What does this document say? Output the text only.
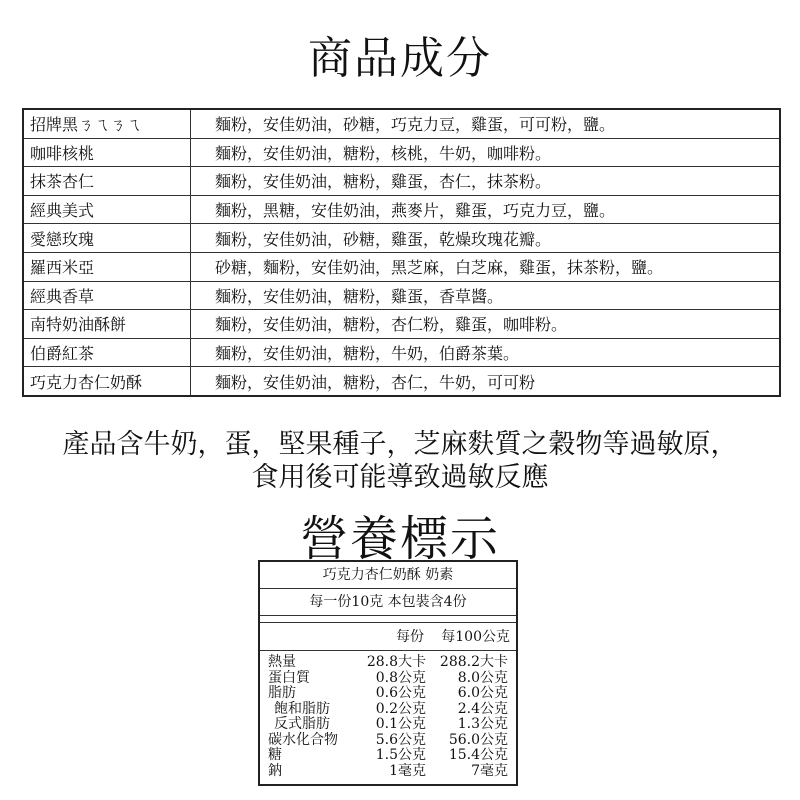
商品成分
招牌黑ㄋㄟㄋㄟ	麵粉，安佳奶油，砂糖，巧克力豆，雞蛋，可可粉，鹽。
咖啡核桃	麵粉，安佳奶油，糖粉，核桃，牛奶，咖啡粉。
抹茶杏仁	麵粉，安佳奶油，糖粉，雞蛋，杏仁，抹茶粉。
經典美式	麵粉，黑糖，安佳奶油，燕麥片，雞蛋，巧克力豆，鹽。
愛戀玫瑰	麵粉，安佳奶油，砂糖，雞蛋，乾燥玫瑰花瓣。
羅西米亞	砂糖，麵粉，安佳奶油，黑芝麻，白芝麻，雞蛋，抹茶粉，鹽。
經典香草	麵粉，安佳奶油，糖粉，雞蛋，香草醬。
南特奶油酥餅	麵粉，安佳奶油，糖粉，杏仁粉，雞蛋，咖啡粉。
伯爵紅茶	麵粉，安佳奶油，糖粉，牛奶，伯爵茶葉。
巧克力杏仁奶酥	麵粉，安佳奶油，糖粉，杏仁，牛奶，可可粉
產品含牛奶，蛋，堅果種子，芝麻麩質之穀物等過敏原，
食用後可能導致過敏反應
營養標示
巧克力杏仁奶酥 奶素
每一份10克 本包裝含4份
每份 每100公克
熱量	28.8大卡 288.2大卡
蛋白質	0.8公克 8.0公克
脂肪	0.6公克 6.0公克
飽和脂肪	0.2公克 2.4公克
反式脂肪	0.1公克 1.3公克
碳水化合物	5.6公克 56.0公克
糖	1.5公克 15.4公克
鈉	1毫克	7毫克
